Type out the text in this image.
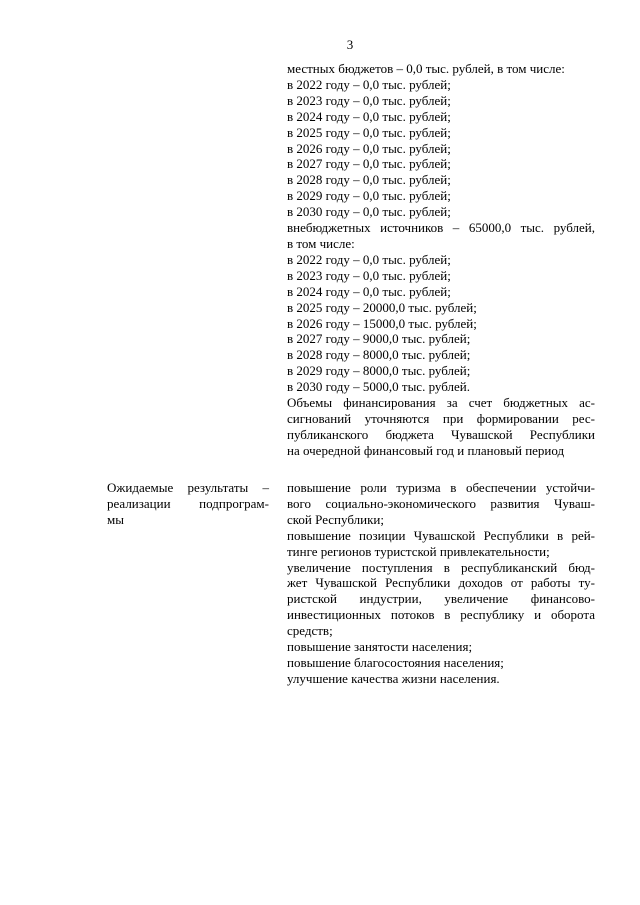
3
местных бюджетов – 0,0 тыс. рублей, в том числе:
в 2022 году – 0,0 тыс. рублей;
в 2023 году – 0,0 тыс. рублей;
в 2024 году – 0,0 тыс. рублей;
в 2025 году – 0,0 тыс. рублей;
в 2026 году – 0,0 тыс. рублей;
в 2027 году – 0,0 тыс. рублей;
в 2028 году – 0,0 тыс. рублей;
в 2029 году – 0,0 тыс. рублей;
в 2030 году – 0,0 тыс. рублей;
внебюджетных источников – 65000,0 тыс. рублей,
в том числе:
в 2022 году – 0,0 тыс. рублей;
в 2023 году – 0,0 тыс. рублей;
в 2024 году – 0,0 тыс. рублей;
в 2025 году – 20000,0 тыс. рублей;
в 2026 году – 15000,0 тыс. рублей;
в 2027 году – 9000,0 тыс. рублей;
в 2028 году – 8000,0 тыс. рублей;
в 2029 году – 8000,0 тыс. рублей;
в 2030 году – 5000,0 тыс. рублей.
Объемы финансирования за счет бюджетных ас-
сигнований уточняются при формировании рес-
публиканского бюджета Чувашской Республики
на очередной финансовый год и плановый период
Ожидаемые результаты –
реализации подпрограм-
мы
повышение роли туризма в обеспечении устойчи-
вого социально-экономического развития Чуваш-
ской Республики;
повышение позиции Чувашской Республики в рей-
тинге регионов туристской привлекательности;
увеличение поступления в республиканский бюд-
жет Чувашской Республики доходов от работы ту-
ристской индустрии, увеличение финансово-
инвестиционных потоков в республику и оборота
средств;
повышение занятости населения;
повышение благосостояния населения;
улучшение качества жизни населения.
